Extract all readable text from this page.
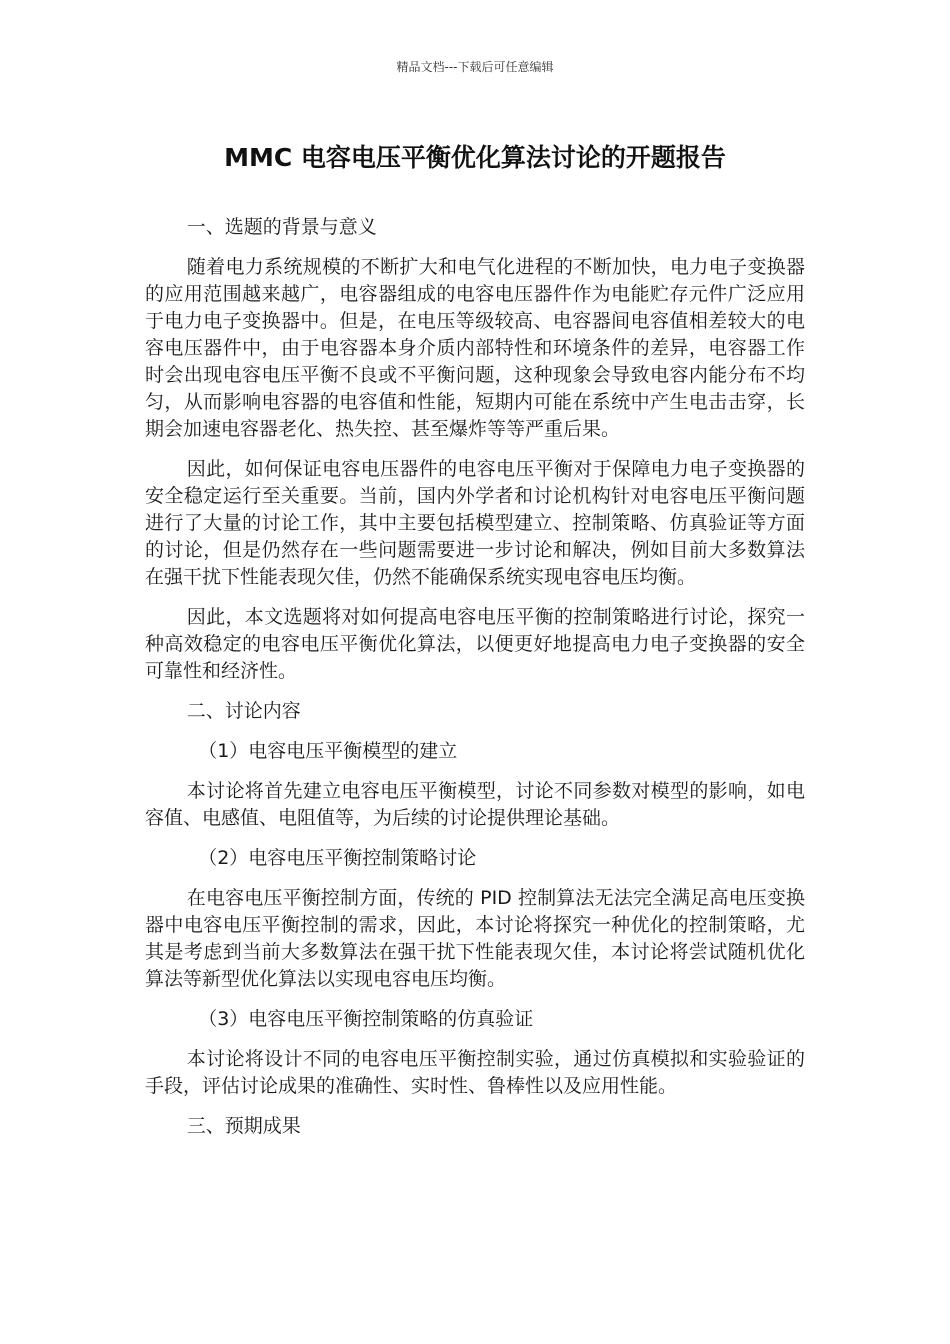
精品文档---下载后可任意编辑
MMC 电容电压平衡优化算法讨论的开题报告

一、选题的背景与意义

随着电力系统规模的不断扩大和电气化进程的不断加快，电力电子变换器的应用范围越来越广，电容器组成的电容电压器件作为电能贮存元件广泛应用于电力电子变换器中。但是，在电压等级较高、电容器间电容值相差较大的电容电压器件中，由于电容器本身介质内部特性和环境条件的差异，电容器工作时会出现电容电压平衡不良或不平衡问题，这种现象会导致电容内能分布不均匀，从而影响电容器的电容值和性能，短期内可能在系统中产生电击击穿，长期会加速电容器老化、热失控、甚至爆炸等等严重后果。

因此，如何保证电容电压器件的电容电压平衡对于保障电力电子变换器的安全稳定运行至关重要。当前，国内外学者和讨论机构针对电容电压平衡问题进行了大量的讨论工作，其中主要包括模型建立、控制策略、仿真验证等方面的讨论，但是仍然存在一些问题需要进一步讨论和解决，例如目前大多数算法在强干扰下性能表现欠佳，仍然不能确保系统实现电容电压均衡。

因此，本文选题将对如何提高电容电压平衡的控制策略进行讨论，探究一种高效稳定的电容电压平衡优化算法，以便更好地提高电力电子变换器的安全可靠性和经济性。

二、讨论内容

（1）电容电压平衡模型的建立

本讨论将首先建立电容电压平衡模型，讨论不同参数对模型的影响，如电容值、电感值、电阻值等，为后续的讨论提供理论基础。

（2）电容电压平衡控制策略讨论

在电容电压平衡控制方面，传统的 PID 控制算法无法完全满足高电压变换器中电容电压平衡控制的需求，因此，本讨论将探究一种优化的控制策略，尤其是考虑到当前大多数算法在强干扰下性能表现欠佳，本讨论将尝试随机优化算法等新型优化算法以实现电容电压均衡。

（3）电容电压平衡控制策略的仿真验证

本讨论将设计不同的电容电压平衡控制实验，通过仿真模拟和实验验证的手段，评估讨论成果的准确性、实时性、鲁棒性以及应用性能。

三、预期成果
